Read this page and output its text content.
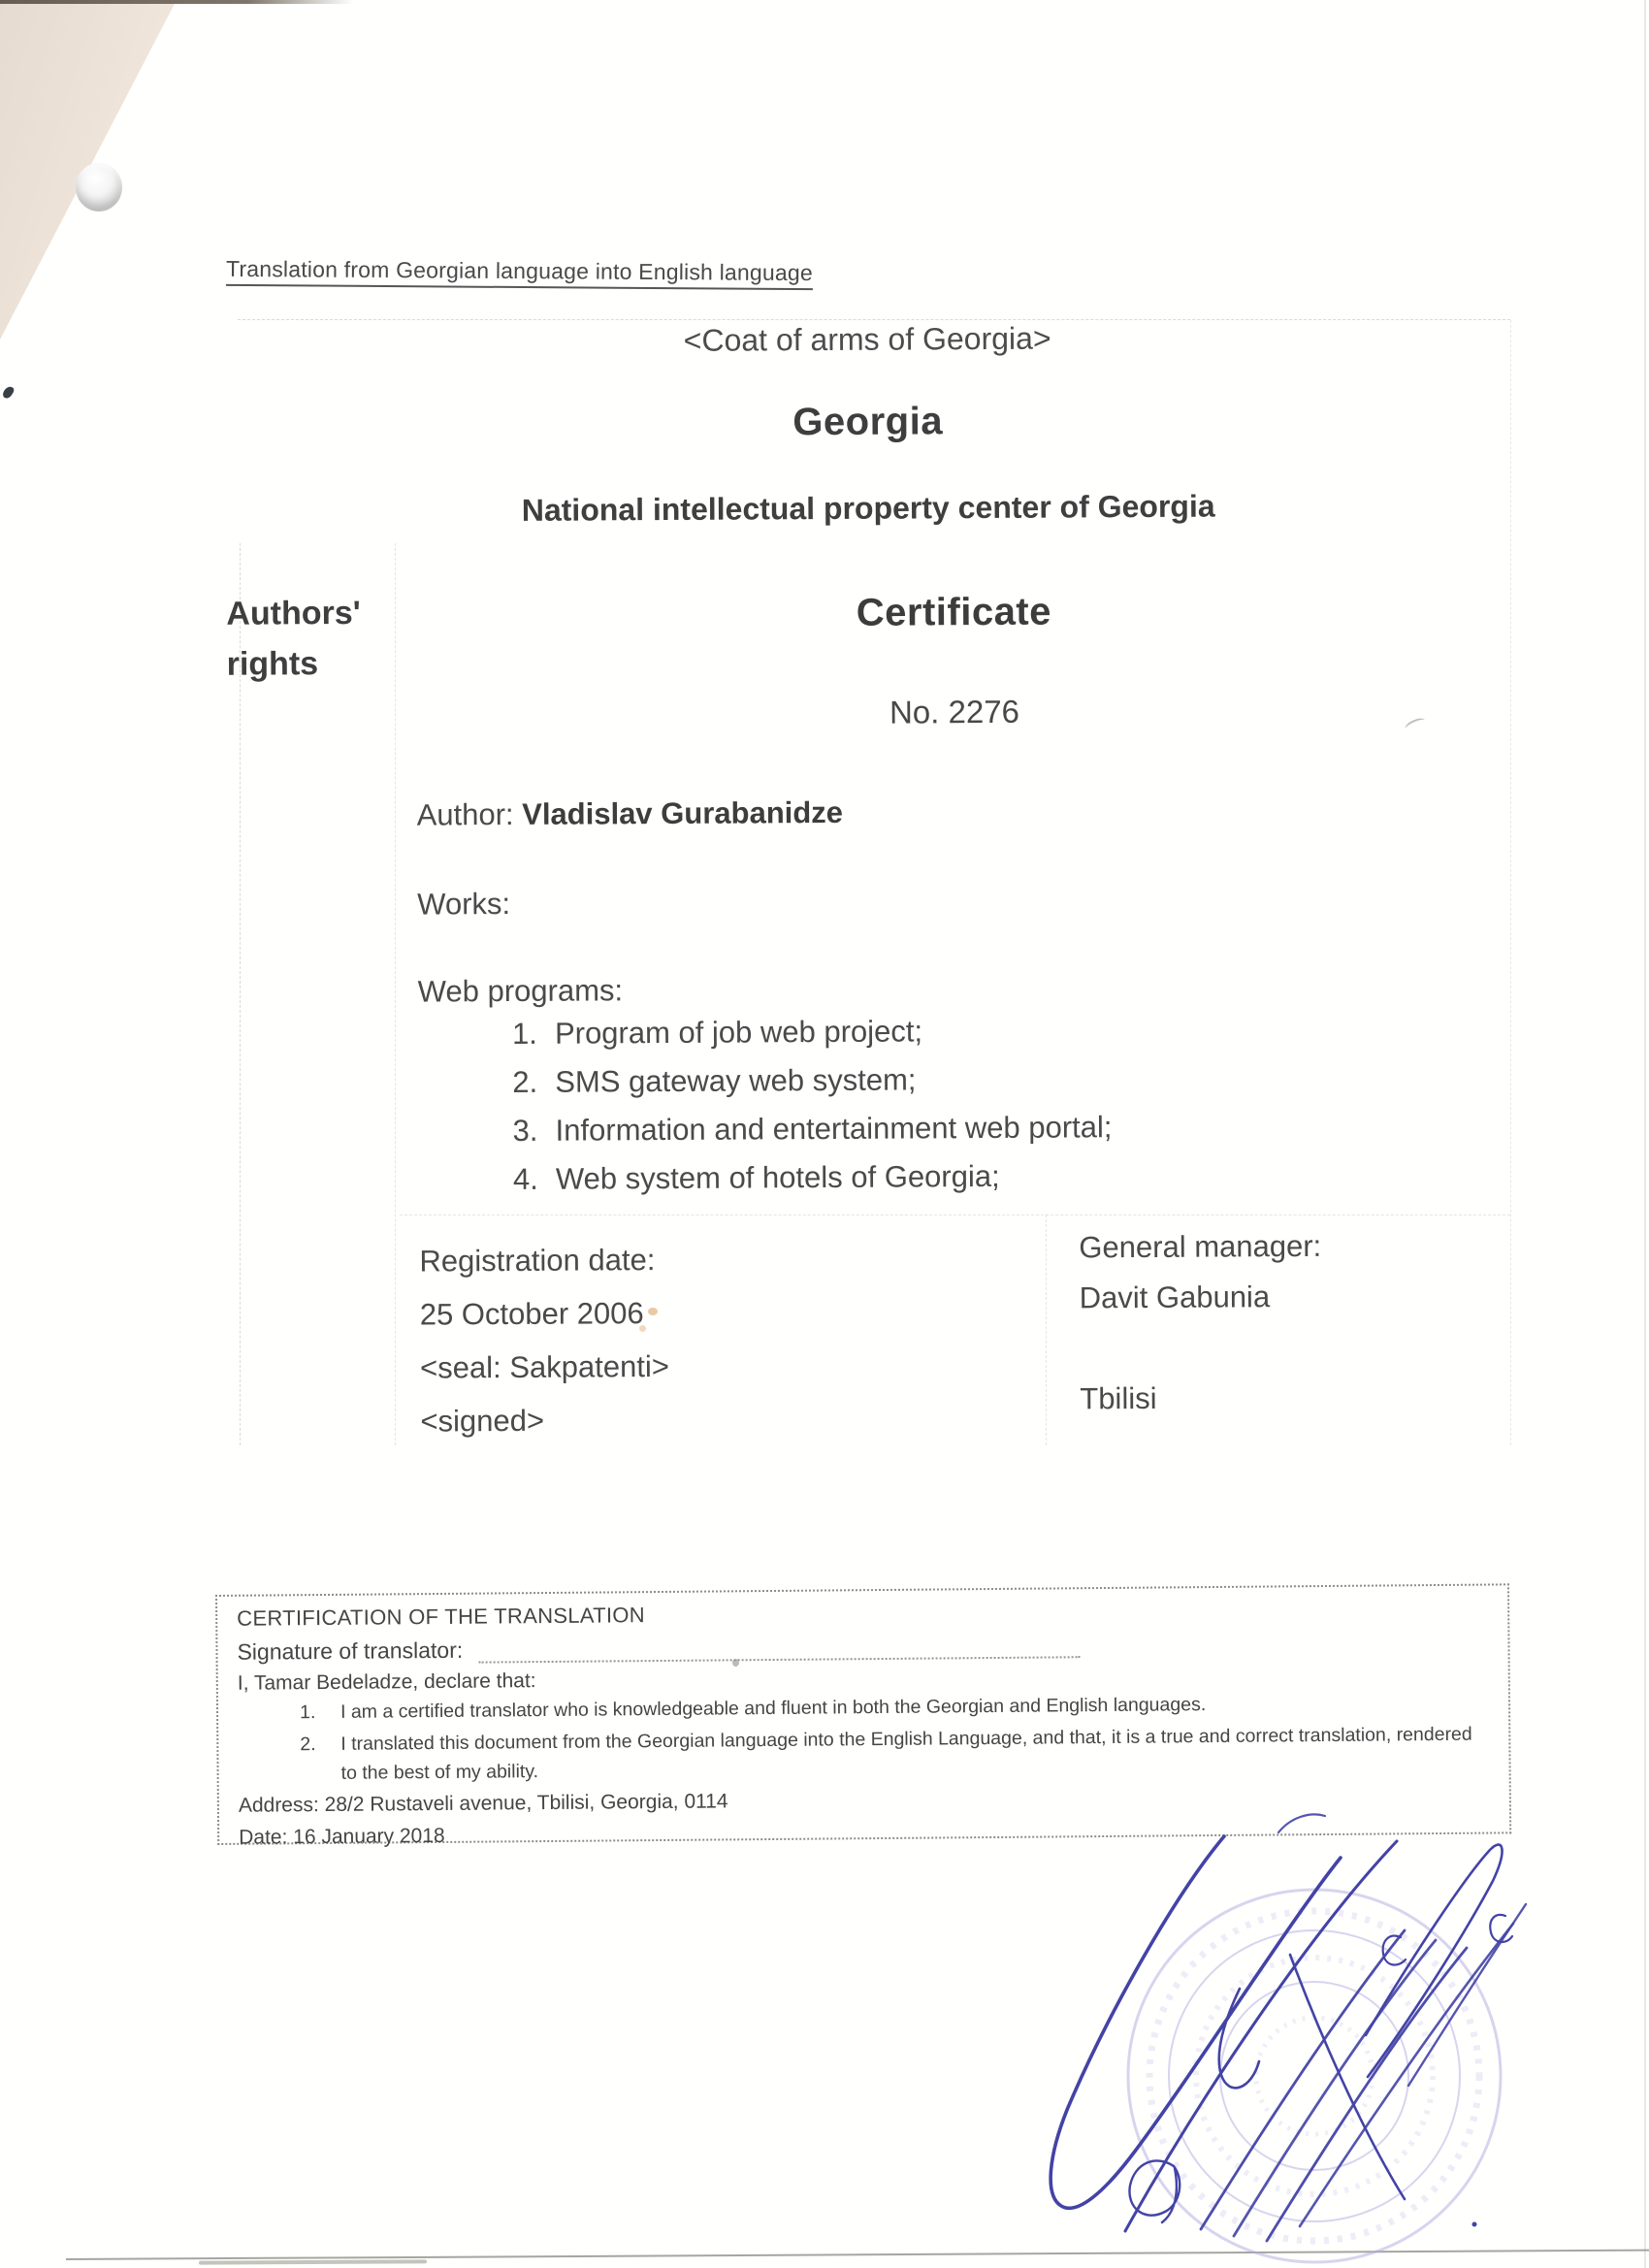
Translation from Georgian language into English language
<Coat of arms of Georgia>
Georgia
National intellectual property center of Georgia
Authors'
rights
Certificate
No. 2276
Author: Vladislav Gurabanidze
Works:
Web programs:
1. Program of job web project;
2. SMS gateway web system;
3. Information and entertainment web portal;
4. Web system of hotels of Georgia;
Registration date:
25 October 2006
<seal: Sakpatenti>
<signed>
General manager:
Davit Gabunia
Tbilisi
CERTIFICATION OF THE TRANSLATION
Signature of translator:
I, Tamar Bedeladze, declare that:
1.	I am a certified translator who is knowledgeable and fluent in both the Georgian and English languages.
2.	I translated this document from the Georgian language into the English Language, and that, it is a true and correct translation, rendered to the best of my ability.
Address: 28/2 Rustaveli avenue, Tbilisi, Georgia, 0114
Date: 16 January 2018
